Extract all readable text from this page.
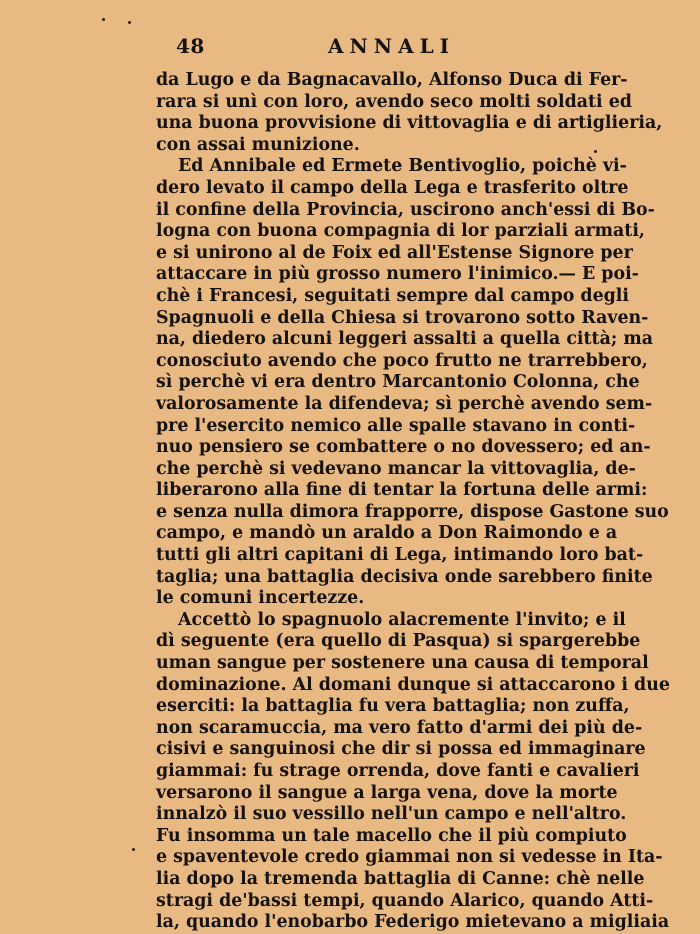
48	ANNALI
da Lugo e da Bagnacavallo, Alfonso Duca di Fer-
rara si unì con loro, avendo seco molti soldati ed
una buona provvisione di vittovaglia e di artiglieria,
con assai munizione.
Ed Annibale ed Ermete Bentivoglio, poichè vi-
dero levato il campo della Lega e trasferito oltre
il confine della Provincia, uscirono anch'essi di Bo-
logna con buona compagnia di lor parziali armati,
e si unirono al de Foix ed all'Estense Signore per
attaccare in più grosso numero l'inimico.— E poi-
chè i Francesi, seguitati sempre dal campo degli
Spagnuoli e della Chiesa si trovarono sotto Raven-
na, diedero alcuni leggeri assalti a quella città; ma
conosciuto avendo che poco frutto ne trarrebbero,
sì perchè vi era dentro Marcantonio Colonna, che
valorosamente la difendeva; sì perchè avendo sem-
pre l'esercito nemico alle spalle stavano in conti-
nuo pensiero se combattere o no dovessero; ed an-
che perchè si vedevano mancar la vittovaglia, de-
liberarono alla fine di tentar la fortuna delle armi:
e senza nulla dimora frapporre, dispose Gastone suo
campo, e mandò un araldo a Don Raimondo e a
tutti gli altri capitani di Lega, intimando loro bat-
taglia; una battaglia decisiva onde sarebbero finite
le comuni incertezze.
Accettò lo spagnuolo alacremente l'invito; e il
dì seguente (era quello di Pasqua) si spargerebbe
uman sangue per sostenere una causa di temporal
dominazione. Al domani dunque si attaccarono i due
eserciti: la battaglia fu vera battaglia; non zuffa,
non scaramuccia, ma vero fatto d'armi dei più de-
cisivi e sanguinosi che dir si possa ed immaginare
giammai: fu strage orrenda, dove fanti e cavalieri
versarono il sangue a larga vena, dove la morte
innalzò il suo vessillo nell'un campo e nell'altro.
Fu insomma un tale macello che il più compiuto
e spaventevole credo giammai non si vedesse in Ita-
lia dopo la tremenda battaglia di Canne: chè nelle
stragi de'bassi tempi, quando Alarico, quando Atti-
la, quando l'enobarbo Federigo mietevano a migliaia
